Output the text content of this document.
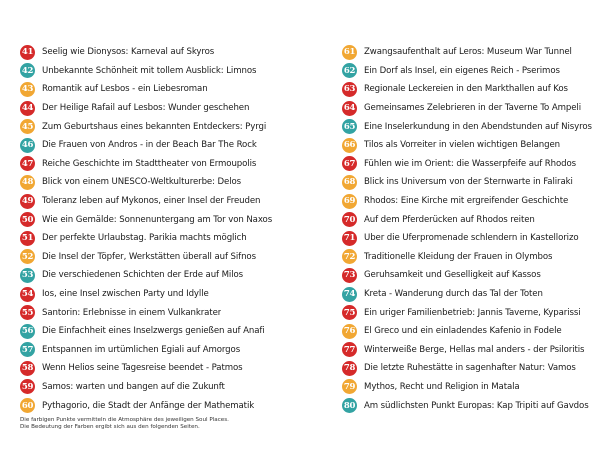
41 Seelig wie Dionysos: Karneval auf Skyros
42 Unbekannte Schönheit mit tollem Ausblick: Limnos
43 Romantik auf Lesbos - ein Liebesroman
44 Der Heilige Rafail auf Lesbos: Wunder geschehen
45 Zum Geburtshaus eines bekannten Entdeckers: Pyrgi
46 Die Frauen von Andros - in der Beach Bar The Rock
47 Reiche Geschichte im Stadttheater von Ermoupolis
48 Blick von einem UNESCO-Weltkulturerbe: Delos
49 Toleranz leben auf Mykonos, einer Insel der Freuden
50 Wie ein Gemälde: Sonnenuntergang am Tor von Naxos
51 Der perfekte Urlaubstag. Parikia machts möglich
52 Die Insel der Töpfer, Werkstätten überall auf Sifnos
53 Die verschiedenen Schichten der Erde auf Milos
54 Ios, eine Insel zwischen Party und Idylle
55 Santorin: Erlebnisse in einem Vulkankrater
56 Die Einfachheit eines Inselzwergs genießen auf Anafi
57 Entspannen im urtümlichen Egiali auf Amorgos
58 Wenn Helios seine Tagesreise beendet - Patmos
59 Samos: warten und bangen auf die Zukunft
60 Pythagorio, die Stadt der Anfänge der Mathematik
61 Zwangsaufenthalt auf Leros: Museum War Tunnel
62 Ein Dorf als Insel, ein eigenes Reich - Pserimos
63 Regionale Leckereien in den Markthallen auf Kos
64 Gemeinsames Zelebrieren in der Taverne To Ampeli
65 Eine Inselerkundung in den Abendstunden auf Nisyros
66 Tilos als Vorreiter in vielen wichtigen Belangen
67 Fühlen wie im Orient: die Wasserpfeife auf Rhodos
68 Blick ins Universum von der Sternwarte in Faliraki
69 Rhodos: Eine Kirche mit ergreifender Geschichte
70 Auf dem Pferderücken auf Rhodos reiten
71 Über die Uferpromenade schlendern in Kastellorizo
72 Traditionelle Kleidung der Frauen in Olymbos
73 Geruhsamkeit und Geselligkeit auf Kassos
74 Kreta - Wanderung durch das Tal der Toten
75 Ein uriger Familienbetrieb: Jannis Taverne, Kyparissi
76 El Greco und ein einladendes Kafenio in Fodele
77 Winterweiße Berge, Hellas mal anders - der Psiloritis
78 Die letzte Ruhestätte in sagenhafter Natur: Vamos
79 Mythos, Recht und Religion in Matala
80 Am südlichsten Punkt Europas: Kap Tripiti auf Gavdos
Die farbigen Punkte vermitteln die Atmosphäre des jeweiligen Soul Places.
Die Bedeutung der Farben ergibt sich aus den folgenden Seiten.
